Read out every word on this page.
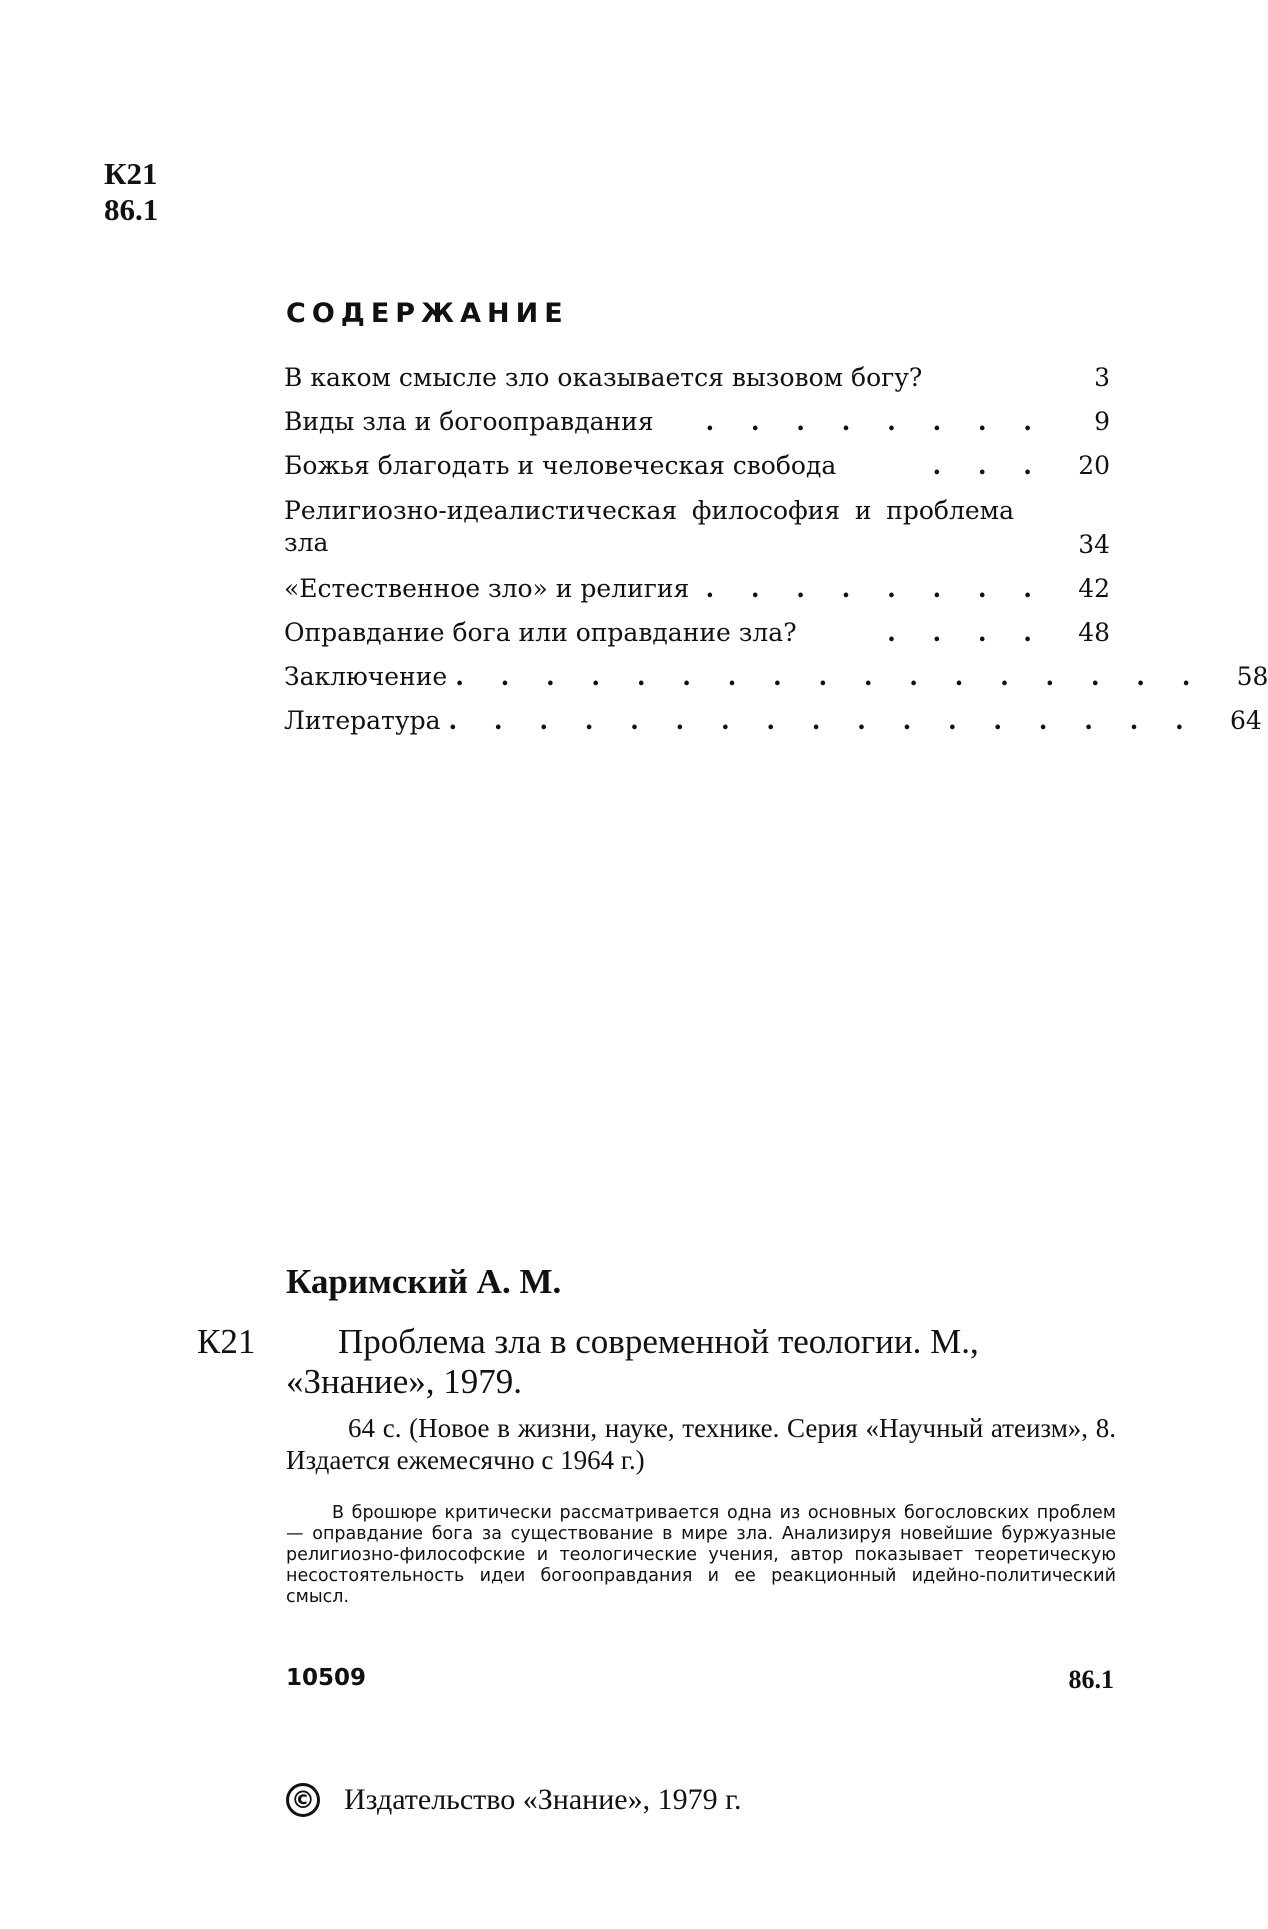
К21
86.1
СОДЕРЖАНИЕ
В каком смысле зло оказывается вызовом богу?	3
Виды зла и богооправдания	. . . . . . . .	9
Божья благодать и человеческая свобода	. . .	20
Религиозно-идеалистическая философия и проблема зла	34
«Естественное зло» и религия . . . . . . . .	42
Оправдание бога или оправдание зла?	. . . .	48
Заключение . . . . . . . . . . . . . . . . .	58
Литература . . . . . . . . . . . . . . . . .	64
Каримский А. М.
К21	Проблема зла в современной теологии. М., «Знание», 1979.
64 с. (Новое в жизни, науке, технике. Серия «Научный атеизм», 8. Издается ежемесячно с 1964 г.)
В брошюре критически рассматривается одна из основных богословских проблем — оправдание бога за существование в мире зла. Анализируя новейшие буржуазные религиозно-философские и теологические учения, автор показывает теоретическую несостоятельность идеи богооправдания и ее реакционный идейно-политический смысл.
10509	86.1
© Издательство «Знание», 1979 г.
